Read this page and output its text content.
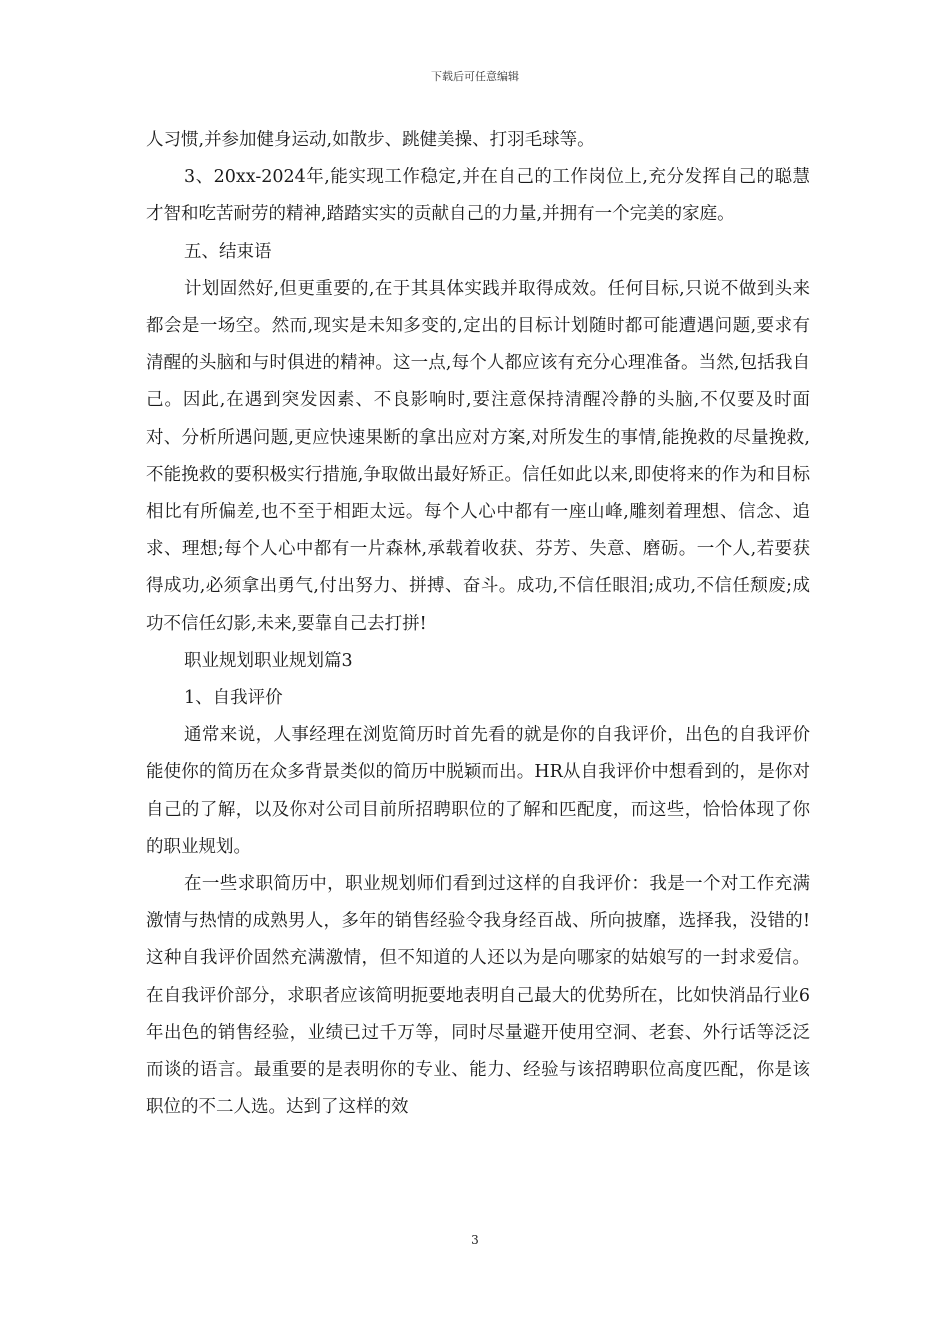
下载后可任意编辑

人习惯,并参加健身运动,如散步、跳健美操、打羽毛球等。

3、20xx-2024年,能实现工作稳定,并在自己的工作岗位上,充分发挥自己的聪慧才智和吃苦耐劳的精神,踏踏实实的贡献自己的力量,并拥有一个完美的家庭。

五、结束语

计划固然好,但更重要的,在于其具体实践并取得成效。任何目标,只说不做到头来都会是一场空。然而,现实是未知多变的,定出的目标计划随时都可能遭遇问题,要求有清醒的头脑和与时俱进的精神。这一点,每个人都应该有充分心理准备。当然,包括我自己。因此,在遇到突发因素、不良影响时,要注意保持清醒冷静的头脑,不仅要及时面对、分析所遇问题,更应快速果断的拿出应对方案,对所发生的事情,能挽救的尽量挽救,不能挽救的要积极实行措施,争取做出最好矫正。信任如此以来,即使将来的作为和目标相比有所偏差,也不至于相距太远。每个人心中都有一座山峰,雕刻着理想、信念、追求、理想;每个人心中都有一片森林,承载着收获、芬芳、失意、磨砺。一个人,若要获得成功,必须拿出勇气,付出努力、拼搏、奋斗。成功,不信任眼泪;成功,不信任颓废;成功不信任幻影,未来,要靠自己去打拼!

职业规划职业规划篇3

1、自我评价

通常来说，人事经理在浏览简历时首先看的就是你的自我评价，出色的自我评价能使你的简历在众多背景类似的简历中脱颖而出。HR从自我评价中想看到的，是你对自己的了解，以及你对公司目前所招聘职位的了解和匹配度，而这些，恰恰体现了你的职业规划。

在一些求职简历中，职业规划师们看到过这样的自我评价：我是一个对工作充满激情与热情的成熟男人，多年的销售经验令我身经百战、所向披靡，选择我，没错的!这种自我评价固然充满激情，但不知道的人还以为是向哪家的姑娘写的一封求爱信。在自我评价部分，求职者应该简明扼要地表明自己最大的优势所在，比如快消品行业6年出色的销售经验，业绩已过千万等，同时尽量避开使用空洞、老套、外行话等泛泛而谈的语言。最重要的是表明你的专业、能力、经验与该招聘职位高度匹配，你是该职位的不二人选。达到了这样的效

3
